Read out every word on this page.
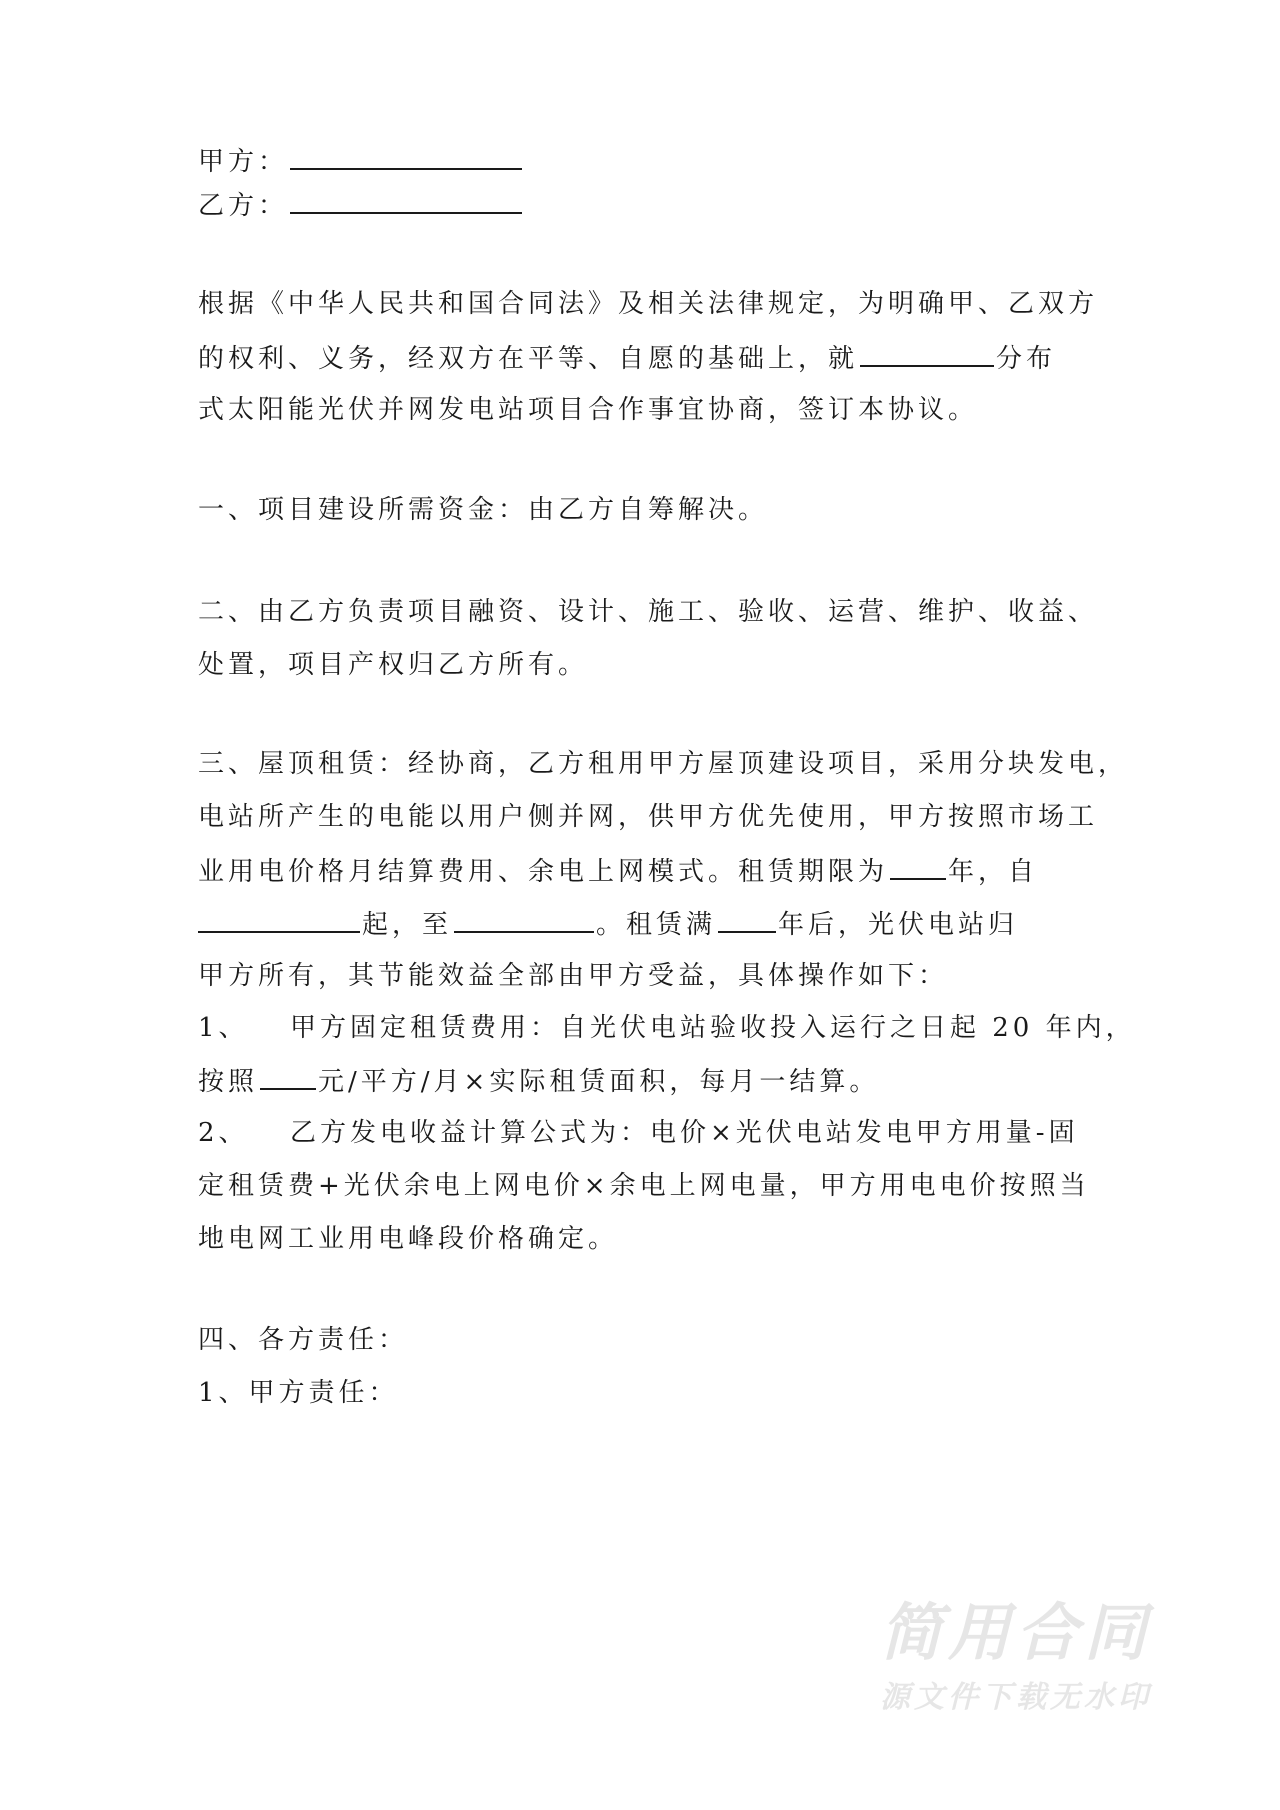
甲方：
乙方：
根据《中华人民共和国合同法》及相关法律规定，为明确甲、乙双方
的权利、义务，经双方在平等、自愿的基础上，就	分布
式太阳能光伏并网发电站项目合作事宜协商，签订本协议。
一、项目建设所需资金：由乙方自筹解决。
二、由乙方负责项目融资、设计、施工、验收、运营、维护、收益、
处置，项目产权归乙方所有。
三、屋顶租赁：经协商，乙方租用甲方屋顶建设项目，采用分块发电，
电站所产生的电能以用户侧并网，供甲方优先使用，甲方按照市场工
业用电价格月结算费用、余电上网模式。租赁期限为 年，自
起，至	。租赁满 年后，光伏电站归
甲方所有，其节能效益全部由甲方受益，具体操作如下：
1、 甲方固定租赁费用：自光伏电站验收投入运行之日起 20 年内，
按照 元/平方/月×实际租赁面积，每月一结算。
2、 乙方发电收益计算公式为：电价×光伏电站发电甲方用量-固
定租赁费+光伏余电上网电价×余电上网电量，甲方用电电价按照当
地电网工业用电峰段价格确定。
四、各方责任：
1、甲方责任：
简用合同
源文件下载无水印
